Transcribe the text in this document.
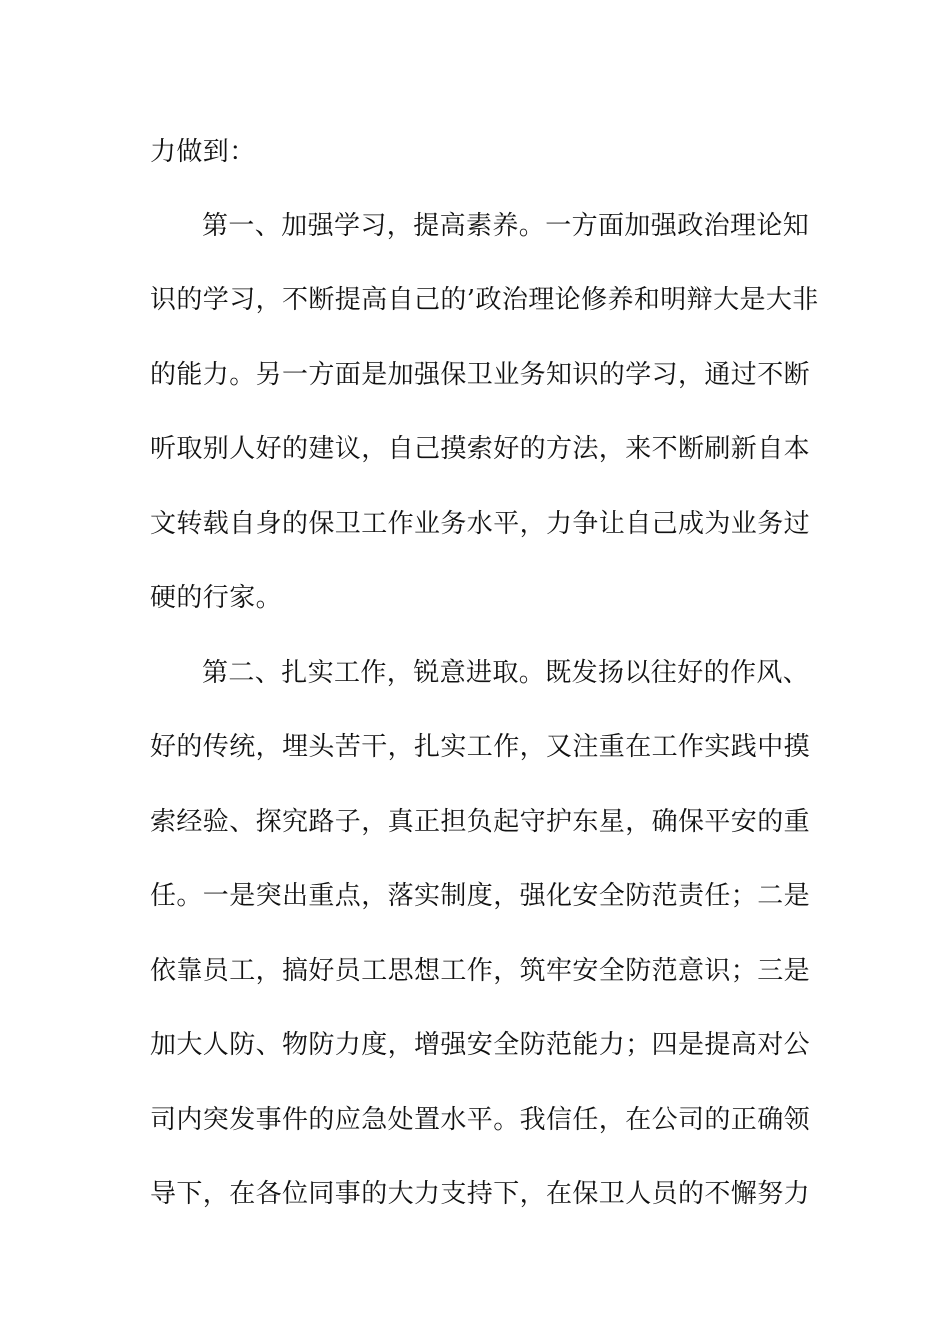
力做到：
第一、加强学习，提高素养。一方面加强政治理论知
识的学习，不断提高自己的’政治理论修养和明辩大是大非
的能力。另一方面是加强保卫业务知识的学习，通过不断
听取别人好的建议，自己摸索好的方法，来不断刷新自本
文转载自身的保卫工作业务水平，力争让自己成为业务过
硬的行家。
第二、扎实工作，锐意进取。既发扬以往好的作风、
好的传统，埋头苦干，扎实工作，又注重在工作实践中摸
索经验、探究路子，真正担负起守护东星，确保平安的重
任。一是突出重点，落实制度，强化安全防范责任；二是
依靠员工，搞好员工思想工作，筑牢安全防范意识；三是
加大人防、物防力度，增强安全防范能力；四是提高对公
司内突发事件的应急处置水平。我信任，在公司的正确领
导下，在各位同事的大力支持下，在保卫人员的不懈努力
